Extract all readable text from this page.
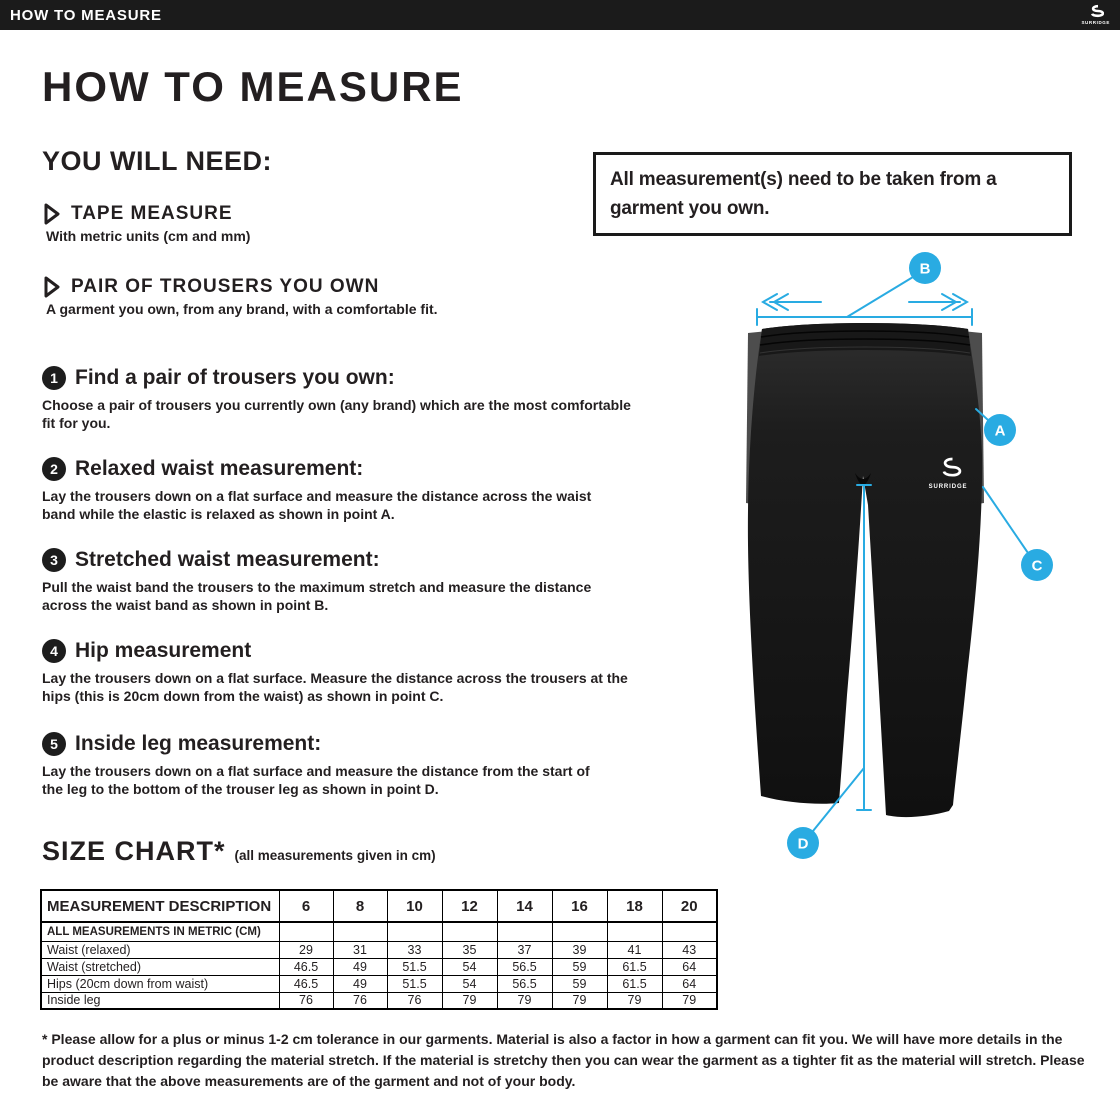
HOW TO MEASURE	SURRIDGE
HOW TO MEASURE
YOU WILL NEED:
TAPE MEASURE
With metric units (cm and mm)
PAIR OF TROUSERS YOU OWN
A garment you own, from any brand, with a comfortable fit.

All measurement(s) need to be taken from a garment you own.

1 Find a pair of trousers you own:

Choose a pair of trousers you currently own (any brand) which are the most comfortable fit for you.

2 Relaxed waist measurement:

Lay the trousers down on a flat surface and measure the distance across the waist band while the elastic is relaxed as shown in point A.

3 Stretched waist measurement:

Pull the waist band the trousers to the maximum stretch and measure the distance across the waist band as shown in point B.

4 Hip measurement

Lay the trousers down on a flat surface. Measure the distance across the trousers at the hips (this is 20cm down from the waist) as shown in point C.

5 Inside leg measurement:

Lay the trousers down on a flat surface and measure the distance from the start of the leg to the bottom of the trouser leg as shown in point D.

SIZE CHART* (all measurements given in cm)
MEASUREMENT DESCRIPTION	6	8	10	12	14	16	18	20
ALL MEASUREMENTS IN METRIC (CM)								
Waist (relaxed)	29	31	33	35	37	39	41	43
Waist (stretched)	46.5	49	51.5	54	56.5	59	61.5	64
Hips (20cm down from waist)	46.5	49	51.5	54	56.5	59	61.5	64
Inside leg	76	76	76	79	79	79	79	79

* Please allow for a plus or minus 1-2 cm tolerance in our garments. Material is also a factor in how a garment can fit you. We will have more details in the product description regarding the material stretch. If the material is stretchy then you can wear the garment as a tighter fit as the material will stretch. Please be aware that the above measurements are of the garment and not of your body.

SURRIDGE
A
B
C
D
